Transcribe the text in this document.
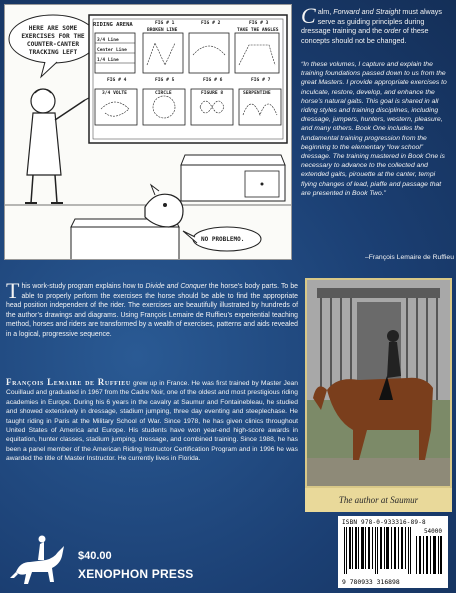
HERE ARE SOME EXERCISES FOR THE COUNTER-CANTER TRACKING LEFT
RIDING ARENA
3/4 Line
Center Line
1/4 Line
FIG # 1
BROKEN LINE
FIG # 2	FIG # 3
TAKE THE ANGLES
FIG # 4
3/4 VOLTE
FIG # 5
CIRCLE
FIG # 6
FIGURE 8
FIG # 7
SERPENTINE
NO PROBLEMO.
Calm, Forward and Straight must always serve as guiding principles during dressage training and the order of these concepts should not be changed.
“In these volumes, I capture and explain the training foundations passed down to us from the great Masters. I provide appropriate exercises to inculcate, restore, develop, and enhance the horse’s natural gaits. This goal is shared in all riding styles and training disciplines, including dressage, jumpers, hunters, western, pleasure, and many others. Book One includes the fundamental training progression from the beginning to the elementary “low school” dressage. The training mastered in Book One is necessary to advance to the collected and extended gaits, pirouette at the canter, tempi flying changes of lead, piaffe and passage that are presented in Book Two.”
–François Lemaire de Ruffieu
This work-study program explains how to Divide and Conquer the horse’s body parts. To be able to properly perform the exercises the horse should be able to find the appropriate head position independent of the rider. The exercises are beautifully illustrated by hundreds of the author’s drawings and diagrams. Using François Lemaire de Ruffieu’s experiential teaching method, horses and riders are transformed by a wealth of exercises, patterns and aids revealed in a logical, progressive sequence.
François Lemaire de Ruffieu grew up in France. He was first trained by Master Jean Couillaud and graduated in 1967 from the Cadre Noir, one of the oldest and most prestigious riding academies in Europe. During his 6 years in the cavalry at Saumur and Fontainebleau, he studied and showed extensively in dressage, stadium jumping, three day eventing and steeplechase. He taught riding in Paris at the Military School of War. Since 1978, he has given clinics throughout United States of America and Europe. His students have won year-end high-score awards in equitation, hunter classes, stadium jumping, dressage, and combined training. Since 1988, he has been a panel member of the American Riding Instructor Certification Program and in 1996 he was awarded the title of Master Instructor. He currently lives in Florida.
The author at Saumur
ISBN 978-0-933316-89-8
54000
9 780933 316898
$40.00
XENOPHON PRESS
